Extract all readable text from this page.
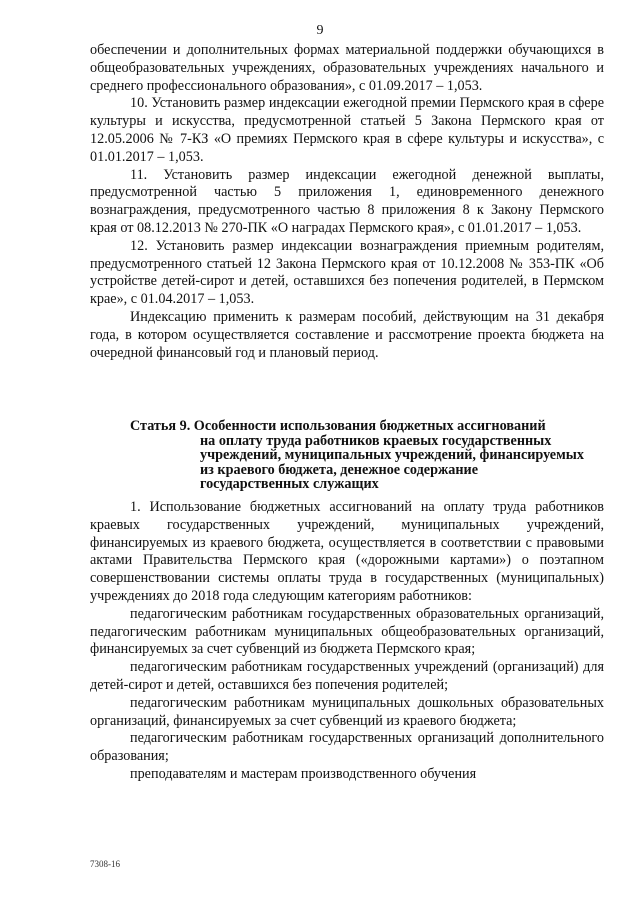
9

обеспечении и дополнительных формах материальной поддержки обучающихся в общеобразовательных учреждениях, образовательных учреждениях начального и среднего профессионального образования», с 01.09.2017 – 1,053.

10. Установить размер индексации ежегодной премии Пермского края в сфере культуры и искусства, предусмотренной статьей 5 Закона Пермского края от 12.05.2006 № 7-КЗ «О премиях Пермского края в сфере культуры и искусства», с 01.01.2017 – 1,053.

11. Установить размер индексации ежегодной денежной выплаты, предусмотренной частью 5 приложения 1, единовременного денежного вознаграждения, предусмотренного частью 8 приложения 8 к Закону Пермского края от 08.12.2013 № 270-ПК «О наградах Пермского края», с 01.01.2017 – 1,053.

12. Установить размер индексации вознаграждения приемным родителям, предусмотренного статьей 12 Закона Пермского края от 10.12.2008 № 353-ПК «Об устройстве детей-сирот и детей, оставшихся без попечения родителей, в Пермском крае», с 01.04.2017 – 1,053.

Индексацию применить к размерам пособий, действующим на 31 декабря года, в котором осуществляется составление и рассмотрение проекта бюджета на очередной финансовый год и плановый период.

Статья 9. Особенности использования бюджетных ассигнований
на оплату труда работников краевых государственных
учреждений, муниципальных учреждений, финансируемых
из краевого бюджета, денежное содержание
государственных служащих

1. Использование бюджетных ассигнований на оплату труда работников краевых государственных учреждений, муниципальных учреждений, финансируемых из краевого бюджета, осуществляется в соответствии с правовыми актами Правительства Пермского края («дорожными картами») о поэтапном совершенствовании системы оплаты труда в государственных (муниципальных) учреждениях до 2018 года следующим категориям работников:

педагогическим работникам государственных образовательных организаций, педагогическим работникам муниципальных общеобразовательных организаций, финансируемых за счет субвенций из бюджета Пермского края;

педагогическим работникам государственных учреждений (организаций) для детей-сирот и детей, оставшихся без попечения родителей;

педагогическим работникам муниципальных дошкольных образовательных организаций, финансируемых за счет субвенций из краевого бюджета;

педагогическим работникам государственных организаций дополнительного образования;

преподавателям и мастерам производственного обучения

7308-16
